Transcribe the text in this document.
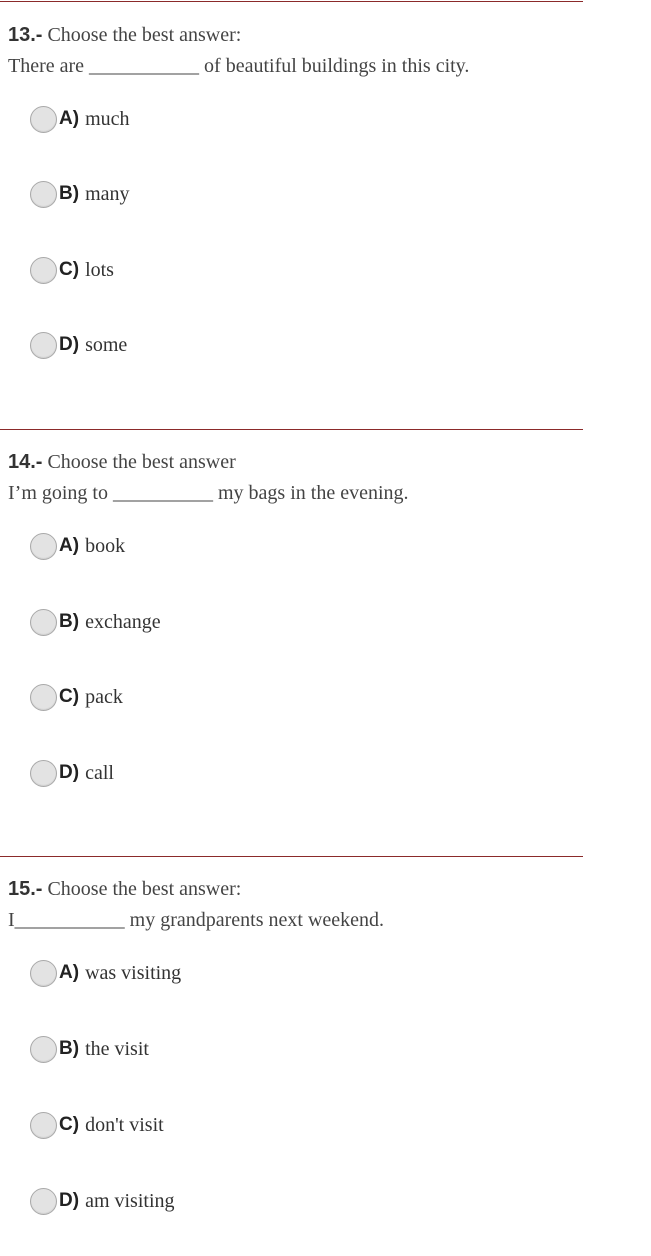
13.- Choose the best answer:
There are ___________ of beautiful buildings in this city.
A) much
B) many
C) lots
D) some
14.- Choose the best answer
I’m going to __________ my bags in the evening.
A) book
B) exchange
C) pack
D) call
15.- Choose the best answer:
I___________ my grandparents next weekend.
A) was visiting
B) the visit
C) don't visit
D) am visiting
